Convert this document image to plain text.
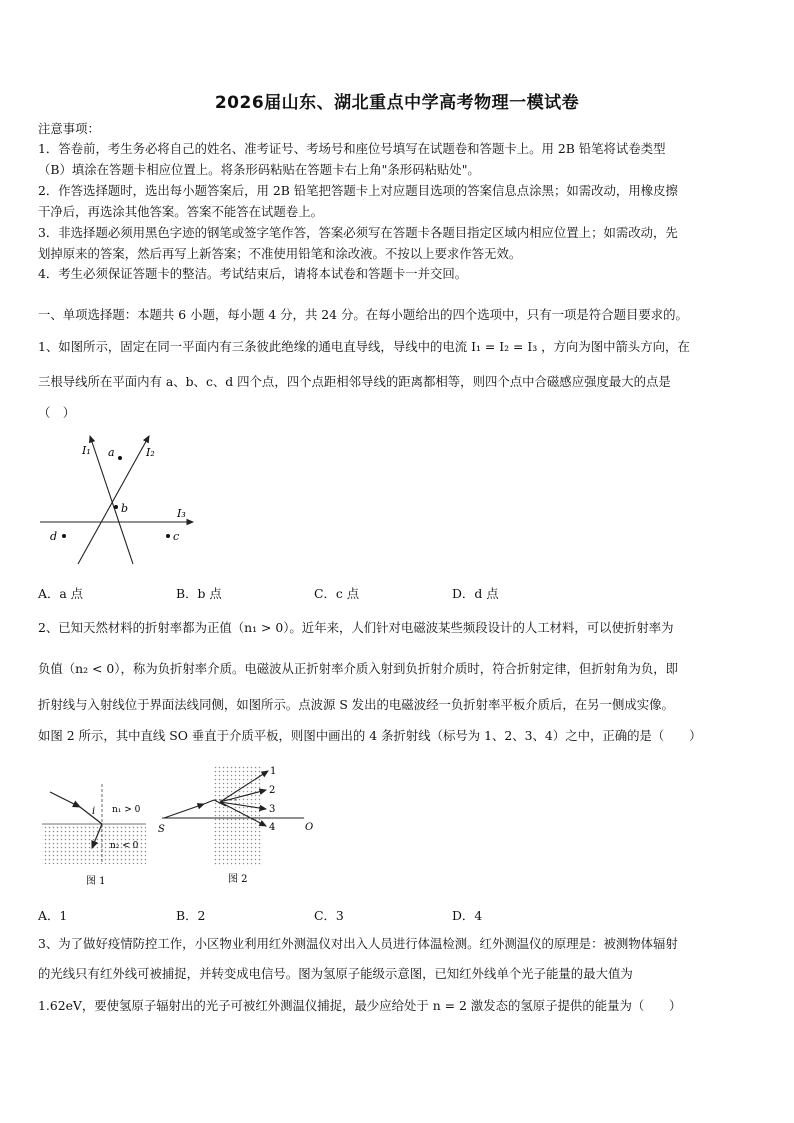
2026届山东、湖北重点中学高考物理一模试卷
注意事项：
1．答卷前，考生务必将自己的姓名、准考证号、考场号和座位号填写在试题卷和答题卡上。用 2B 铅笔将试卷类型
（B）填涂在答题卡相应位置上。将条形码粘贴在答题卡右上角"条形码粘贴处"。
2．作答选择题时，选出每小题答案后，用 2B 铅笔把答题卡上对应题目选项的答案信息点涂黑；如需改动，用橡皮擦
干净后，再选涂其他答案。答案不能答在试题卷上。
3．非选择题必须用黑色字迹的钢笔或签字笔作答，答案必须写在答题卡各题目指定区域内相应位置上；如需改动，先
划掉原来的答案，然后再写上新答案；不准使用铅笔和涂改液。不按以上要求作答无效。
4．考生必须保证答题卡的整洁。考试结束后，请将本试卷和答题卡一并交回。
一、单项选择题：本题共 6 小题，每小题 4 分，共 24 分。在每小题给出的四个选项中，只有一项是符合题目要求的。
1、如图所示，固定在同一平面内有三条彼此绝缘的通电直导线，导线中的电流 I₁ = I₂ = I₃ ，方向为图中箭头方向，在
三根导线所在平面内有 a、b、c、d 四个点，四个点距相邻导线的距离都相等，则四个点中合磁感应强度最大的点是
（　）
I₁	I₂
I₃
a
b
c
d
A．a 点	B．b 点	C．c 点	D．d 点
2、已知天然材料的折射率都为正值（n₁ > 0）。近年来，人们针对电磁波某些频段设计的人工材料，可以使折射率为
负值（n₂ < 0），称为负折射率介质。电磁波从正折射率介质入射到负折射介质时，符合折射定律，但折射角为负，即
折射线与入射线位于界面法线同侧，如图所示。点波源 S 发出的电磁波经一负折射率平板介质后，在另一侧成实像。
如图 2 所示，其中直线 SO 垂直于介质平板，则图中画出的 4 条折射线（标号为 1、2、3、4）之中，正确的是（　　）
i n₁ > 0
n₂ < 0
图 1
1
2
3
4
S	O
图 2
A．1	B．2	C．3	D．4
3、为了做好疫情防控工作，小区物业利用红外测温仪对出入人员进行体温检测。红外测温仪的原理是：被测物体辐射
的光线只有红外线可被捕捉，并转变成电信号。图为氢原子能级示意图，已知红外线单个光子能量的最大值为
1.62eV，要使氢原子辐射出的光子可被红外测温仪捕捉，最少应给处于 n = 2 激发态的氢原子提供的能量为（　　）
